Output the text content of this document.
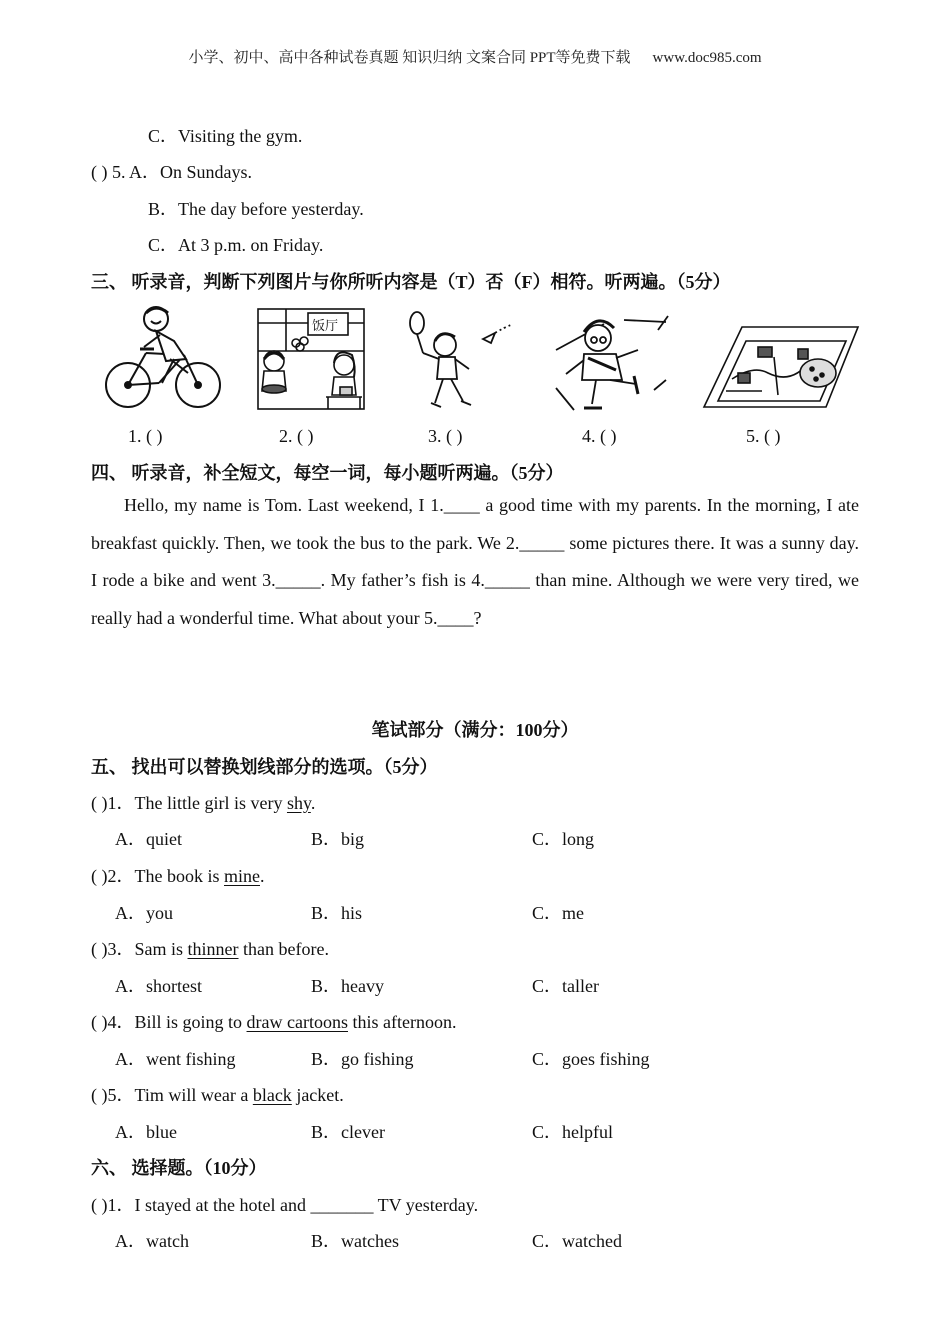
小学、初中、高中各种试卷真题 知识归纳 文案合同 PPT等免费下载 www.doc985.com
C．Visiting the gym.
( ) 5. A．On Sundays.
B．The day before yesterday.
C．At 3 p.m. on Friday.
三、 听录音，判断下列图片与你所听内容是（T）否（F）相符。听两遍。（5分）
饭厅
1. ( )	2. ( )	3. ( )	4. ( )	5. ( )
四、 听录音，补全短文，每空一词，每小题听两遍。（5分）
Hello, my name is Tom. Last weekend, I 1.____ a good time with my parents. In the morning, I ate breakfast quickly. Then, we took the bus to the park. We 2._____ some pictures there. It was a sunny day. I rode a bike and went 3._____. My father’s fish is 4._____ than mine. Although we were very tired, we really had a wonderful time. What about your 5.____?
笔试部分（满分：100分）
五、 找出可以替换划线部分的选项。（5分）
( )1．The little girl is very shy.
A．quiet	B．big	C．long
( )2．The book is mine.
A．you	B．his	C．me
( )3．Sam is thinner than before.
A．shortest	B．heavy	C．taller
( )4．Bill is going to draw cartoons this afternoon.
A．went fishing	B．go fishing	C．goes fishing
( )5．Tim will wear a black jacket.
A．blue	B．clever	C．helpful
六、 选择题。（10分）
( )1．I stayed at the hotel and _______ TV yesterday.
A．watch	B．watches	C．watched
